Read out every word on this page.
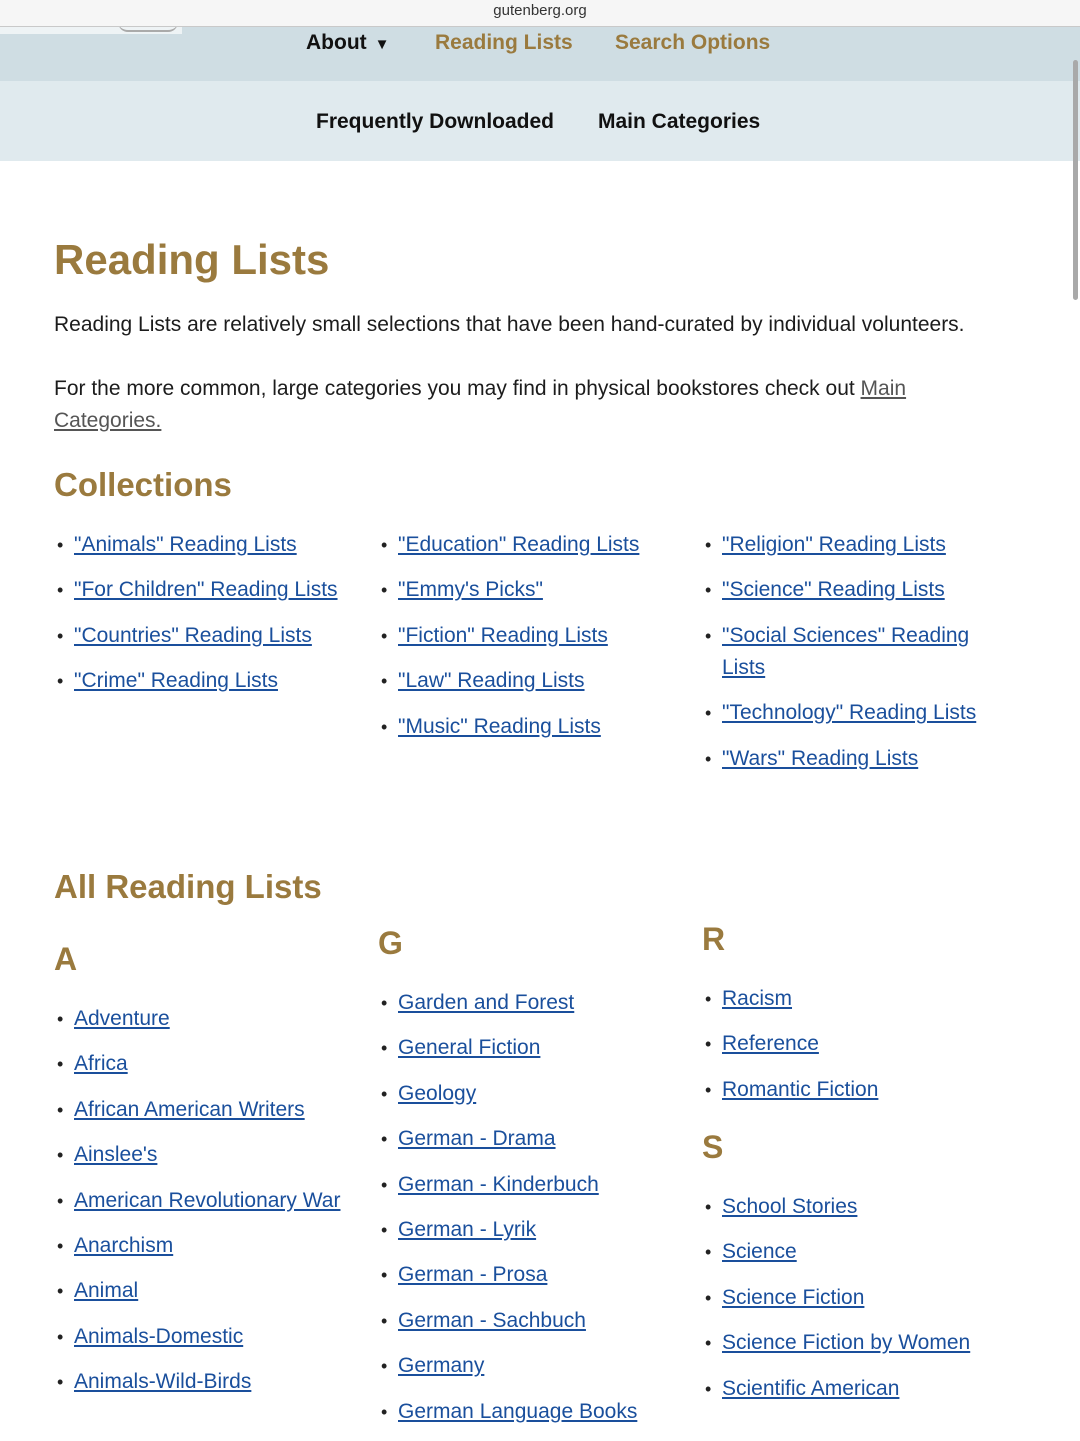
gutenberg.org
About ▼ Reading Lists Search Options
Frequently Downloaded Main Categories
Reading Lists

Reading Lists are relatively small selections that have been hand-curated by individual volunteers.

For the more common, large categories you may find in physical bookstores check out Main Categories.

Collections
• "Animals" Reading Lists
• "For Children" Reading Lists
• "Countries" Reading Lists
• "Crime" Reading Lists
• "Education" Reading Lists
• "Emmy's Picks"
• "Fiction" Reading Lists
• "Law" Reading Lists
• "Music" Reading Lists
• "Religion" Reading Lists
• "Science" Reading Lists
• "Social Sciences" Reading Lists
• "Technology" Reading Lists
• "Wars" Reading Lists
All Reading Lists
A
• Adventure
• Africa
• African American Writers
• Ainslee's
• American Revolutionary War
• Anarchism
• Animal
• Animals-Domestic
• Animals-Wild-Birds
G
• Garden and Forest
• General Fiction
• Geology
• German - Drama
• German - Kinderbuch
• German - Lyrik
• German - Prosa
• German - Sachbuch
• Germany
• German Language Books
R
• Racism
• Reference
• Romantic Fiction
S
• School Stories
• Science
• Science Fiction
• Science Fiction by Women
• Scientific American
